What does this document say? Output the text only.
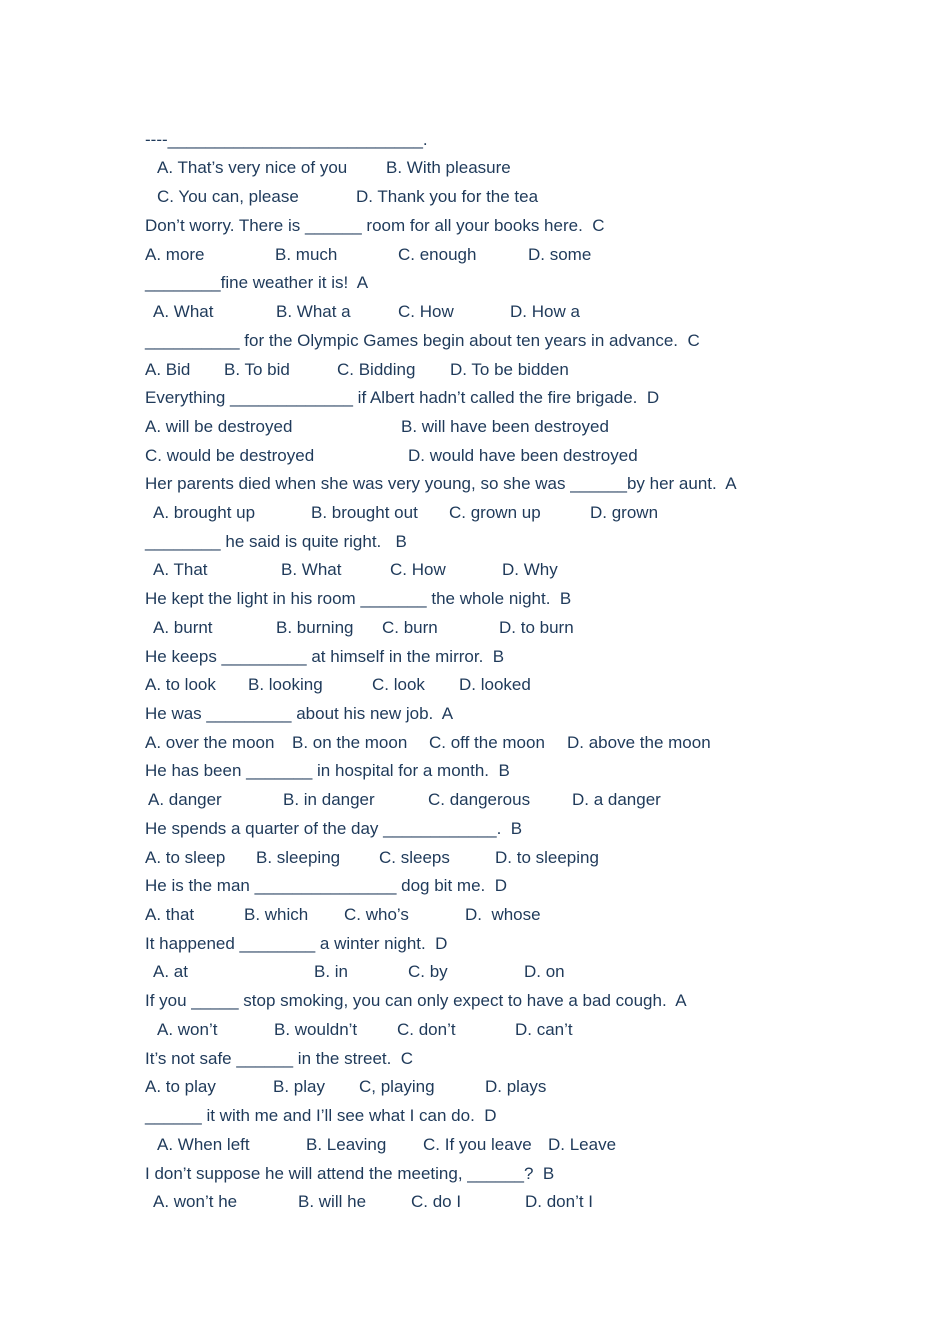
----___________________________.

A. That’s very nice of you

B. With pleasure

C. You can, please

	D. Thank you for the tea

Don’t worry. There is ______ room for all your books here.  C

A. more

	B. much

	C. enough

	D. some

________fine weather it is!  A

A. What

	B. What a

	C. How

	D. How a

__________ for the Olympic Games begin about ten years in advance.  C

A. Bid

B. To bid

	C. Bidding

D. To be bidden

Everything _____________ if Albert hadn’t called the fire brigade.  D

A. will be destroyed

	B. will have been destroyed

C. would be destroyed

	D. would have been destroyed

Her parents died when she was very young, so she was ______by her aunt.  A

A. brought up

	B. brought out

C. grown up

	D. grown

________ he said is quite right.   B

A. That

	B. What

	C. How

	D. Why

He kept the light in his room _______ the whole night.  B

A. burnt

	B. burning

C. burn

	D. to burn

He keeps _________ at himself in the mirror.  B

A. to look

B. looking

	C. look

D. looked

He was _________ about his new job.  A

A. over the moon

B. on the moon

C. off the moon

D. above the moon

He has been _______ in hospital for a month.  B

A. danger

	B. in danger

	C. dangerous

D. a danger

He spends a quarter of the day ____________.  B

A. to sleep

B. sleeping

C. sleeps

	D. to sleeping

He is the man _______________ dog bit me.  D

A. that

	B. which

C. who’s

	D.  whose

It happened ________ a winter night.  D

A. at

	B. in

	C. by

	D. on

If you _____ stop smoking, you can only expect to have a bad cough.  A

A. won’t

	B. wouldn’t

C. don’t

	D. can’t

It’s not safe ______ in the street.  C

A. to play

	B. play

C, playing

	D. plays

______ it with me and I’ll see what I can do.  D

A. When left

	B. Leaving

C. If you leave

D. Leave

I don’t suppose he will attend the meeting, ______?  B

A. won’t he

	B. will he

	C. do I

	D. don’t I
